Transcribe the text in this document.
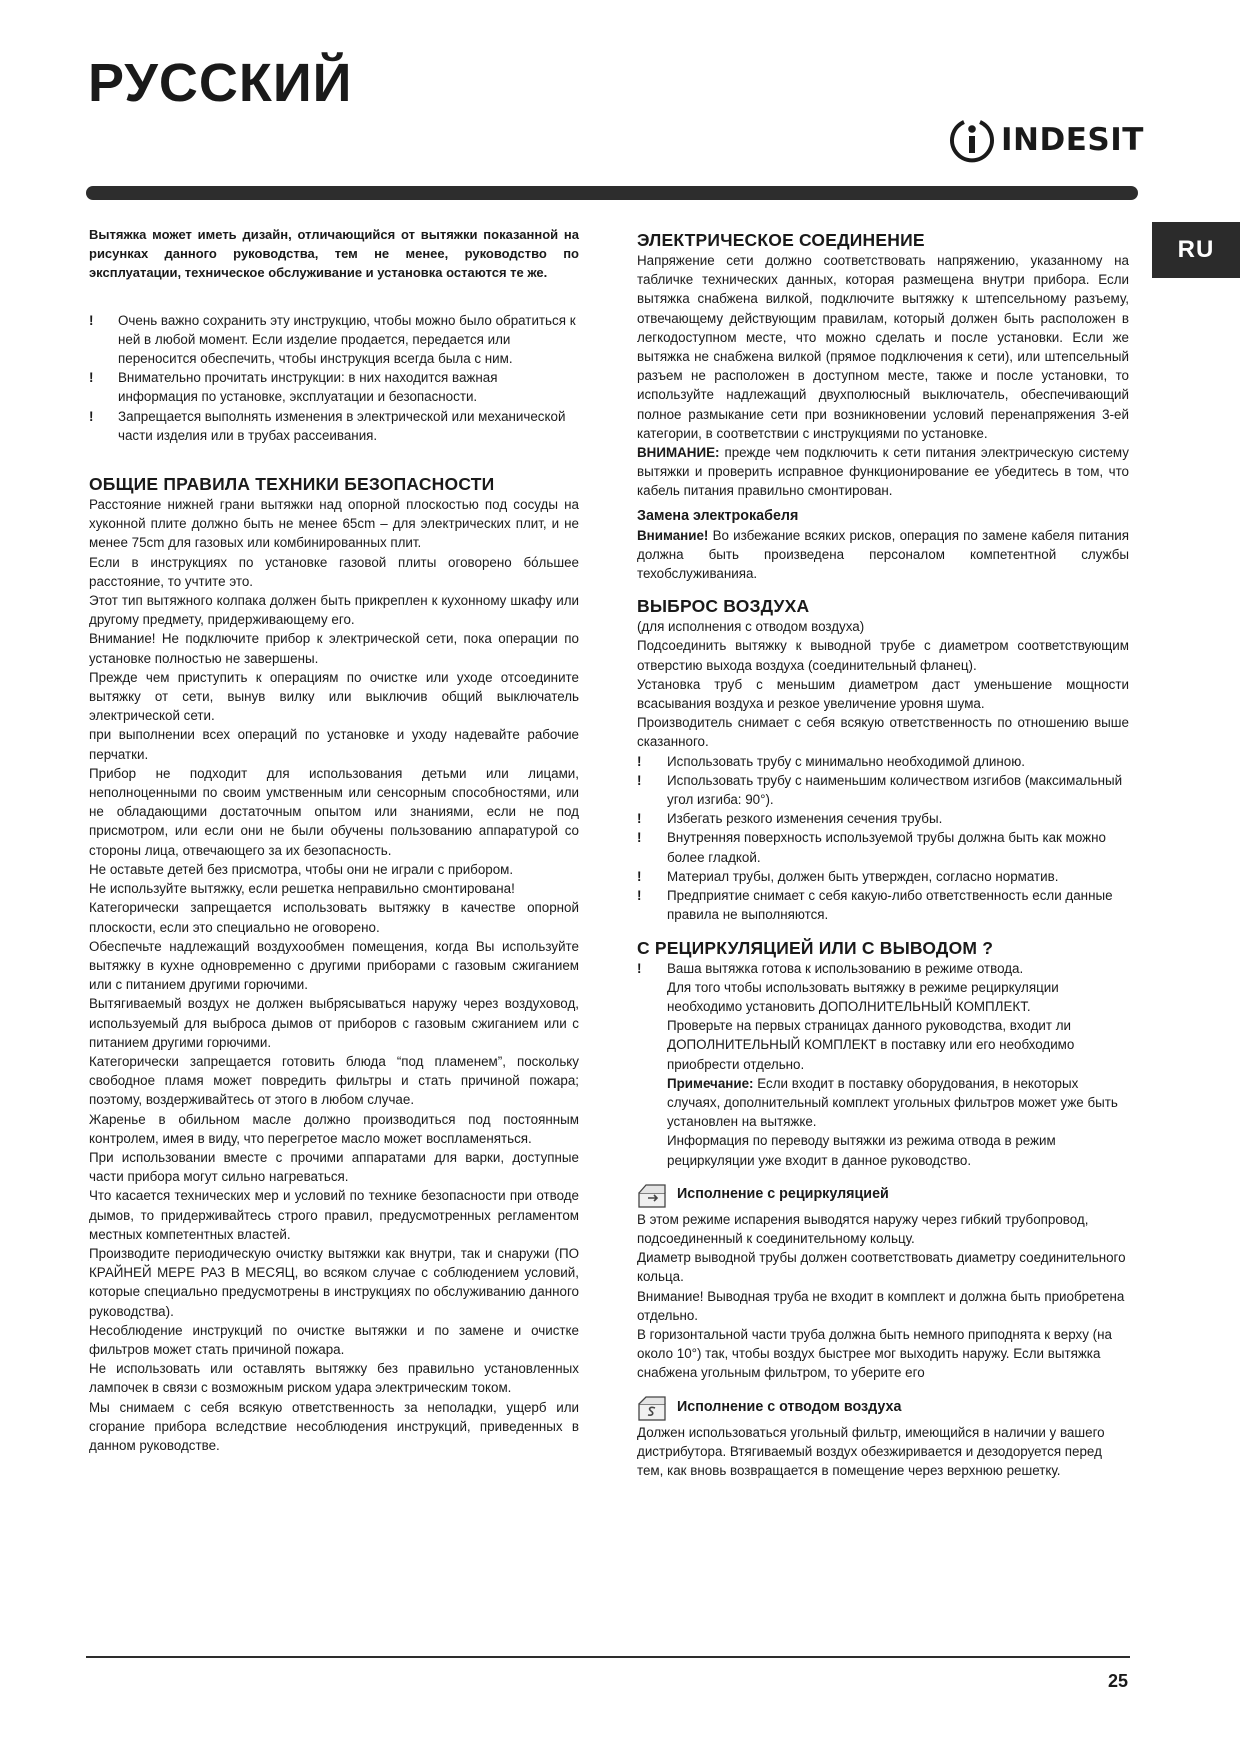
РУССКИЙ
INDESIT
RU

Вытяжка может иметь дизайн, отличающийся от вытяжки показанной на рисунках данного руководства, тем не менее, руководство по эксплуатации, техническое обслуживание и установка остаются те же.

! Очень важно сохранить эту инструкцию, чтобы можно было обратиться к ней в любой момент. Если изделие продается, передается или переносится обеспечить, чтобы инструкция всегда была с ним.

! Внимательно прочитать инструкции: в них находится важная информация по установке, эксплуатации и безопасности.

! Запрещается выполнять изменения в электрической или механической части изделия или в трубах рассеивания.

ОБЩИЕ ПРАВИЛА ТЕХНИКИ БЕЗОПАСНОСТИ

Расстояние нижней грани вытяжки над опорной плоскостью под сосуды на хуконной плите должно быть не менее 65cm – для электрических плит, и не менее 75cm для газовых или комбинированных плит.

Если в инструкциях по установке газовой плиты оговорено бо́льшее расстояние, то учтите это.

Этот тип вытяжного колпака должен быть прикреплен к кухонному шкафу или другому предмету, придерживающему его.

Внимание! Не подключите прибор к электрической сети, пока операции по установке полностью не завершены.

Прежде чем приступить к операциям по очистке или уходе отсоедините вытяжку от сети, вынув вилку или выключив общий выключатель электрической сети.

при выполнении всех операций по установке и уходу надевайте рабочие перчатки.

Прибор не подходит для использования детьми или лицами, неполноценными по своим умственным или сенсорным способностями, или не обладающими достаточным опытом или знаниями, если не под присмотром, или если они не были обучены пользованию аппаратурой со стороны лица, отвечающего за их безопасность.

Не оставьте детей без присмотра, чтобы они не играли с прибором.

Не используйте вытяжку, если решетка неправильно смонтирована!

Категорически запрещается использовать вытяжку в качестве опорной плоскости, если это специально не оговорено.

Обеспечьте надлежащий воздухообмен помещения, когда Вы используйте вытяжку в кухне одновременно с другими приборами с газовым сжиганием или с питанием другими горючими.

Вытягиваемый воздух не должен выбрясываться наружу через воздуховод, используемый для выброса дымов от приборов с газовым сжиганием или с питанием другими горючими.

Категорически запрещается готовить блюда “под пламенем”, поскольку свободное пламя может повредить фильтры и стать причиной пожара; поэтому, воздерживайтесь от этого в любом случае.

Жаренье в обильном масле должно производиться под постоянным контролем, имея в виду, что перегретое масло может воспламеняться.

При использовании вместе с прочими аппаратами для варки, доступные части прибора могут сильно нагреваться.

Что касается технических мер и условий по технике безопасности при отводе дымов, то придерживайтесь строго правил, предусмотренных регламентом местных компетентных властей.

Производите периодическую очистку вытяжки как внутри, так и снаружи (ПО КРАЙНЕЙ МЕРЕ РАЗ В МЕСЯЦ, во всяком случае с соблюдением условий, которые специально предусмотрены в инструкциях по обслуживанию данного руководства).

Несоблюдение инструкций по очистке вытяжки и по замене и очистке фильтров может стать причиной пожара.

Не использовать или оставлять вытяжку без правильно установленных лампочек в связи с возможным риском удара электрическим током.

Мы снимаем с себя всякую ответственность за неполадки, ущерб или сгорание прибора вследствие несоблюдения инструкций, приведенных в данном руководстве.

ЭЛЕКТРИЧЕСКОЕ СОЕДИНЕНИЕ

Напряжение сети должно соответствовать напряжению, указанному на табличке технических данных, которая размещена внутри прибора. Если вытяжка снабжена вилкой, подключите вытяжку к штепсельному разъему, отвечающему действующим правилам, который должен быть расположен в легкодоступном месте, что можно сделать и после установки. Если же вытяжка не снабжена вилкой (прямое подключения к сети), или штепсельный разъем не расположен в доступном месте, также и после установки, то используйте надлежащий двухполюсный выключатель, обеспечивающий полное размыкание сети при возникновении условий перенапряжения 3-ей категории, в соответствии с инструкциями по установке.

ВНИМАНИЕ: прежде чем подключить к сети питания электрическую систему вытяжки и проверить исправное функционирование ее убедитесь в том, что кабель питания правильно смонтирован.

Замена электрокабеля

Внимание! Во избежание всяких рисков, операция по замене кабеля питания должна быть произведена персоналом компетентной службы техобслуживанияа.

ВЫБРОС ВОЗДУХА

(для исполнения с отводом воздуха)

Подсоединить вытяжку к выводной трубе с диаметром соответствующим отверстию выхода воздуха (соединительный фланец).

Установка труб с меньшим диаметром даст уменьшение мощности всасывания воздуха и резкое увеличение уровня шума.

Производитель снимает с себя всякую ответственность по отношению выше сказанного.

! Использовать трубу с минимально необходимой длиною.

! Использовать трубу с наименьшим количеством изгибов (максимальный угол изгиба: 90°).

! Избегать резкого изменения сечения трубы.

! Внутренняя поверхность используемой трубы должна быть как можно более гладкой.

! Материал трубы, должен быть утвержден, согласно норматив.

! Предприятие снимает с себя какую-либо ответственность если данные правила не выполняются.

С РЕЦИРКУЛЯЦИЕЙ ИЛИ С ВЫВОДОМ ?

! Ваша вытяжка готова к использованию в режиме отвода.

Для того чтобы использовать вытяжку в режиме рециркуляции необходимо установить ДОПОЛНИТЕЛЬНЫЙ КОМПЛЕКТ.

Проверьте на первых страницах данного руководства, входит ли ДОПОЛНИТЕЛЬНЫЙ КОМПЛЕКТ в поставку или его необходимо приобрести отдельно.

Примечание: Если входит в поставку оборудования, в некоторых случаях, дополнительный комплект угольных фильтров может уже быть установлен на вытяжке.

Информация по переводу вытяжки из режима отвода в режим рециркуляции уже входит в данное руководство.

Исполнение с рециркуляцией

В этом режиме испарения выводятся наружу через гибкий трубопровод, подсоединенный к соединительному кольцу.

Диаметр выводной трубы должен соответствовать диаметру соединительного кольца.

Внимание! Выводная труба не входит в комплект и должна быть приобретена отдельно.

В горизонтальной части труба должна быть немного приподнята к верху (на около 10°) так, чтобы воздух быстрее мог выходить наружу. Если вытяжка снабжена угольным фильтром, то уберите его

Исполнение с отводом воздуха

Должен использоваться угольный фильтр, имеющийся в наличии у вашего дистрибутора. Втягиваемый воздух обезжиривается и дезодоруется перед тем, как вновь возвращается в помещение через верхнюю решетку.

25
